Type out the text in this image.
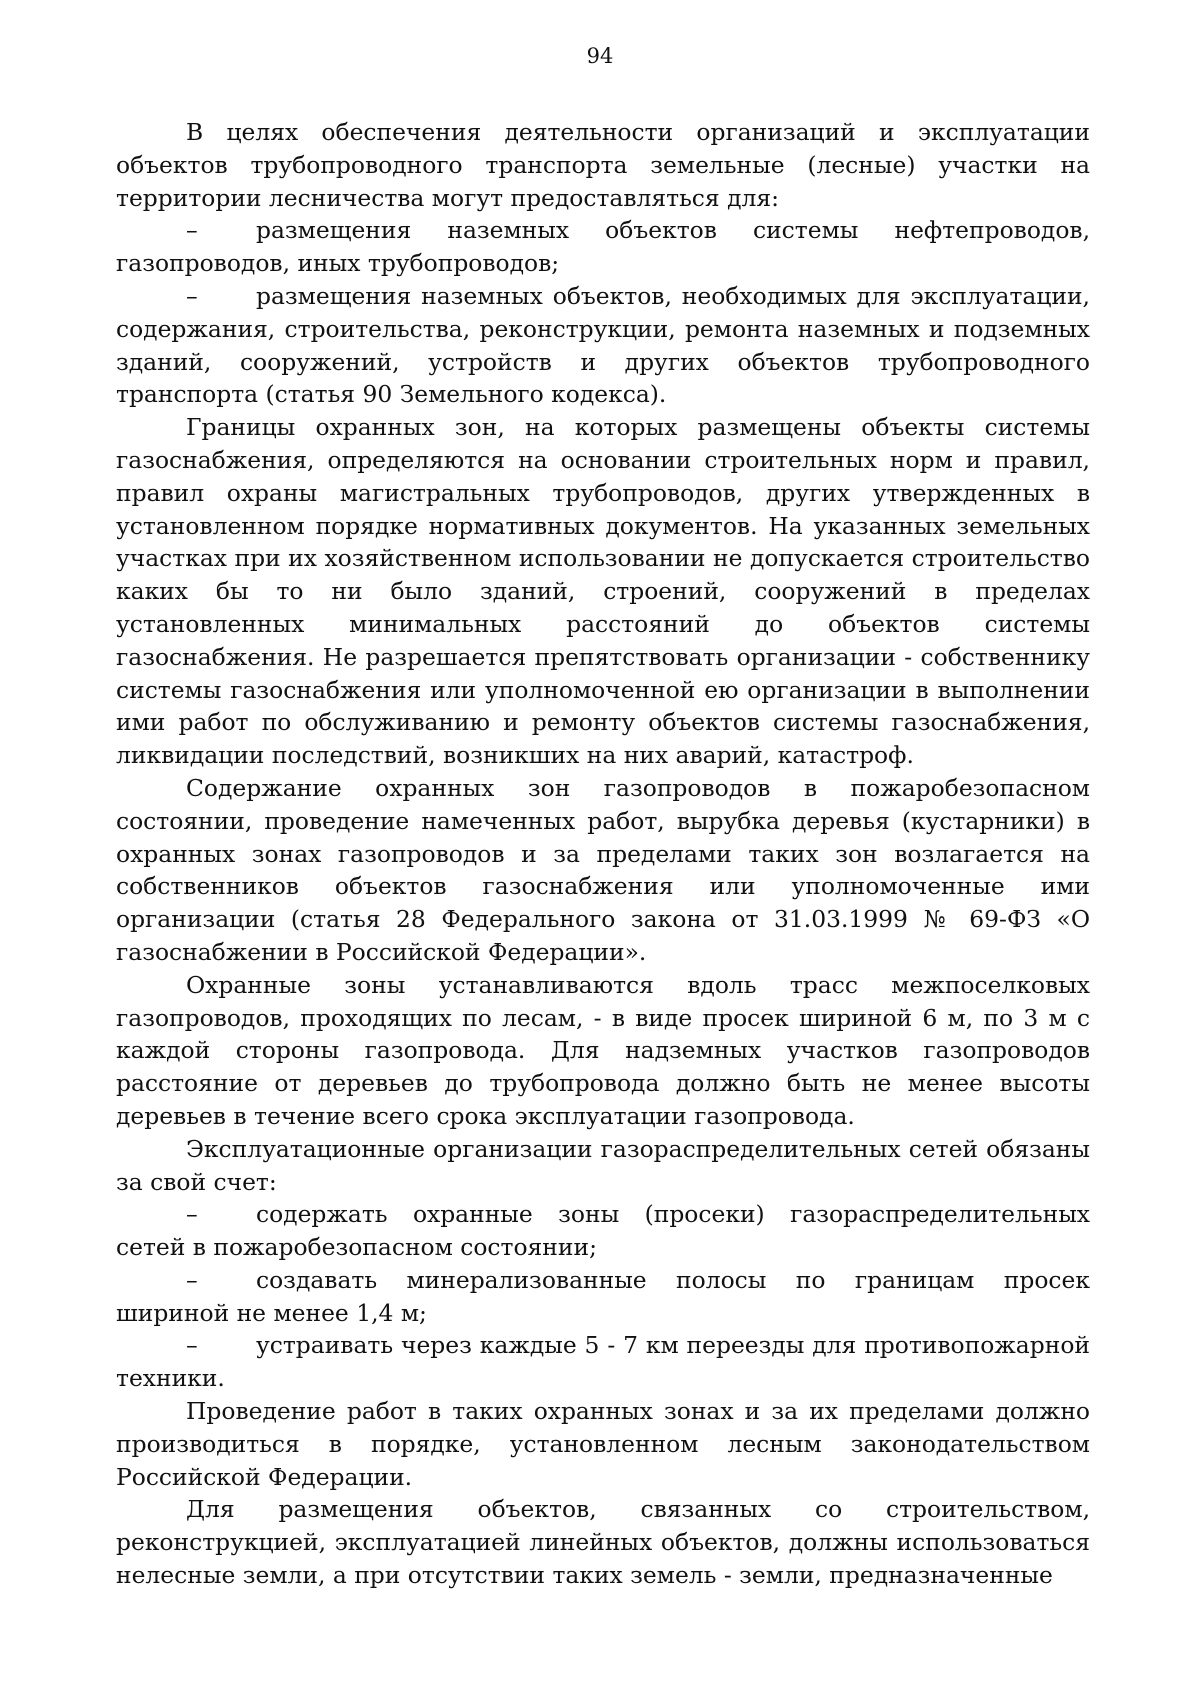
94

В целях обеспечения деятельности организаций и эксплуатации объектов трубопроводного транспорта земельные (лесные) участки на территории лесничества могут предоставляться для:

– размещения наземных объектов системы нефтепроводов, газопроводов, иных трубопроводов;

– размещения наземных объектов, необходимых для эксплуатации, содержания, строительства, реконструкции, ремонта наземных и подземных зданий, сооружений, устройств и других объектов трубопроводного транспорта (статья 90 Земельного кодекса).

Границы охранных зон, на которых размещены объекты системы газоснабжения, определяются на основании строительных норм и правил, правил охраны магистральных трубопроводов, других утвержденных в установленном порядке нормативных документов. На указанных земельных участках при их хозяйственном использовании не допускается строительство каких бы то ни было зданий, строений, сооружений в пределах установленных минимальных расстояний до объектов системы газоснабжения. Не разрешается препятствовать организации - собственнику системы газоснабжения или уполномоченной ею организации в выполнении ими работ по обслуживанию и ремонту объектов системы газоснабжения, ликвидации последствий, возникших на них аварий, катастроф.

Содержание охранных зон газопроводов в пожаробезопасном состоянии, проведение намеченных работ, вырубка деревья (кустарники) в охранных зонах газопроводов и за пределами таких зон возлагается на собственников объектов газоснабжения или уполномоченные ими организации (статья 28 Федерального закона от 31.03.1999 № 69-ФЗ «О газоснабжении в Российской Федерации».

Охранные зоны устанавливаются вдоль трасс межпоселковых газопроводов, проходящих по лесам, - в виде просек шириной 6 м, по 3 м с каждой стороны газопровода. Для надземных участков газопроводов расстояние от деревьев до трубопровода должно быть не менее высоты деревьев в течение всего срока эксплуатации газопровода.

Эксплуатационные организации газораспределительных сетей обязаны за свой счет:

– содержать охранные зоны (просеки) газораспределительных сетей в пожаробезопасном состоянии;

– создавать минерализованные полосы по границам просек шириной не менее 1,4 м;

– устраивать через каждые 5 - 7 км переезды для противопожарной техники.

Проведение работ в таких охранных зонах и за их пределами должно производиться в порядке, установленном лесным законодательством Российской Федерации.

Для размещения объектов, связанных со строительством, реконструкцией, эксплуатацией линейных объектов, должны использоваться нелесные земли, а при отсутствии таких земель - земли, предназначенные
